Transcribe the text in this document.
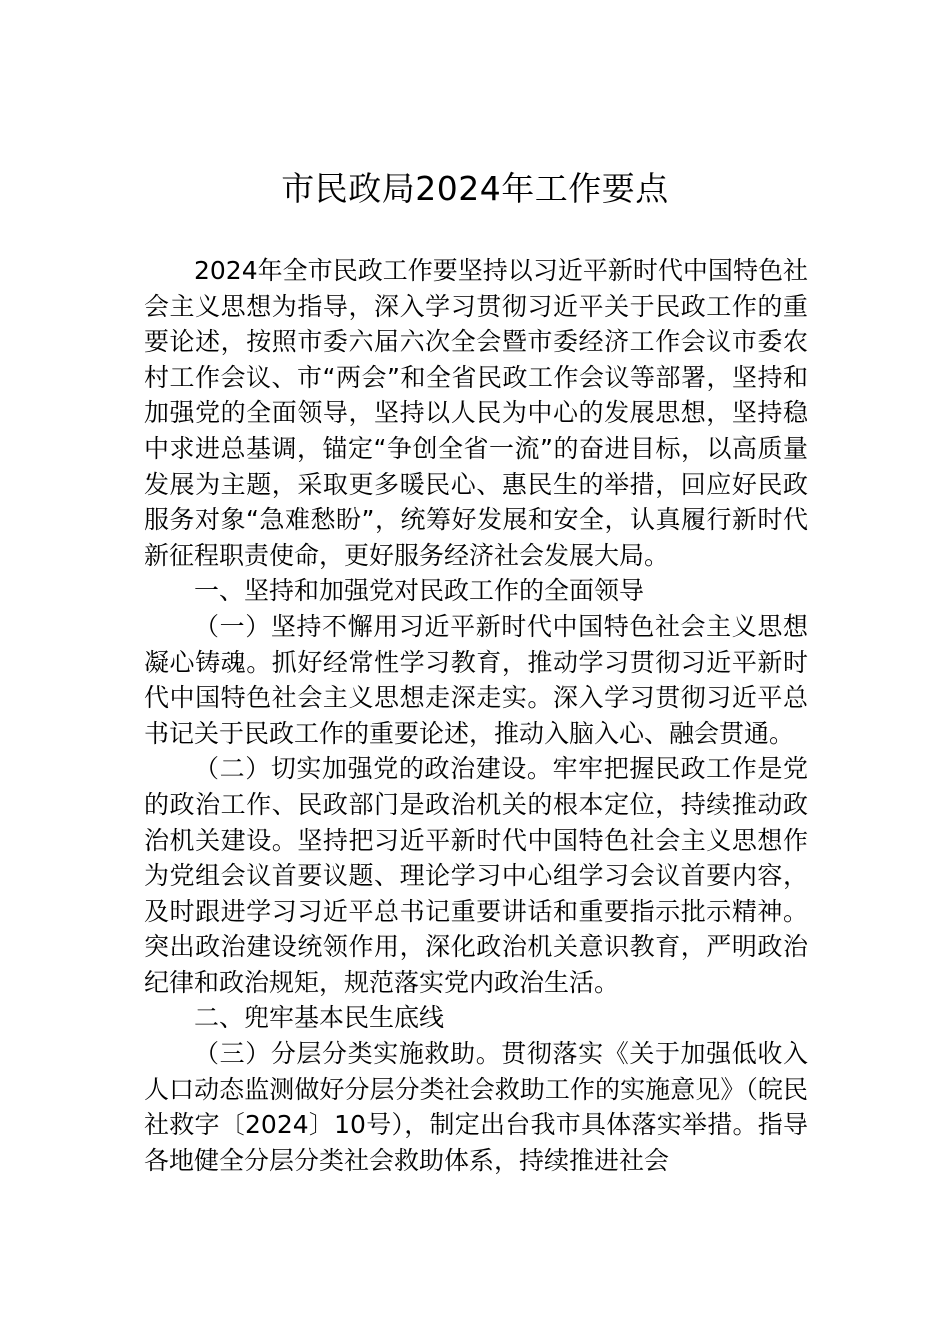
市民政局2024年工作要点

2024年全市民政工作要坚持以习近平新时代中国特色社会主义思想为指导，深入学习贯彻习近平关于民政工作的重要论述，按照市委六届六次全会暨市委经济工作会议市委农村工作会议、市“两会”和全省民政工作会议等部署，坚持和加强党的全面领导，坚持以人民为中心的发展思想，坚持稳中求进总基调，锚定“争创全省一流”的奋进目标，以高质量发展为主题，采取更多暖民心、惠民生的举措，回应好民政服务对象“急难愁盼”，统筹好发展和安全，认真履行新时代新征程职责使命，更好服务经济社会发展大局。

一、坚持和加强党对民政工作的全面领导

（一）坚持不懈用习近平新时代中国特色社会主义思想凝心铸魂。抓好经常性学习教育，推动学习贯彻习近平新时代中国特色社会主义思想走深走实。深入学习贯彻习近平总书记关于民政工作的重要论述，推动入脑入心、融会贯通。

（二）切实加强党的政治建设。牢牢把握民政工作是党的政治工作、民政部门是政治机关的根本定位，持续推动政治机关建设。坚持把习近平新时代中国特色社会主义思想作为党组会议首要议题、理论学习中心组学习会议首要内容，及时跟进学习习近平总书记重要讲话和重要指示批示精神。突出政治建设统领作用，深化政治机关意识教育，严明政治纪律和政治规矩，规范落实党内政治生活。

二、兜牢基本民生底线

（三）分层分类实施救助。贯彻落实《关于加强低收入人口动态监测做好分层分类社会救助工作的实施意见》（皖民社救字〔2024〕10号），制定出台我市具体落实举措。指导各地健全分层分类社会救助体系，持续推进社会
